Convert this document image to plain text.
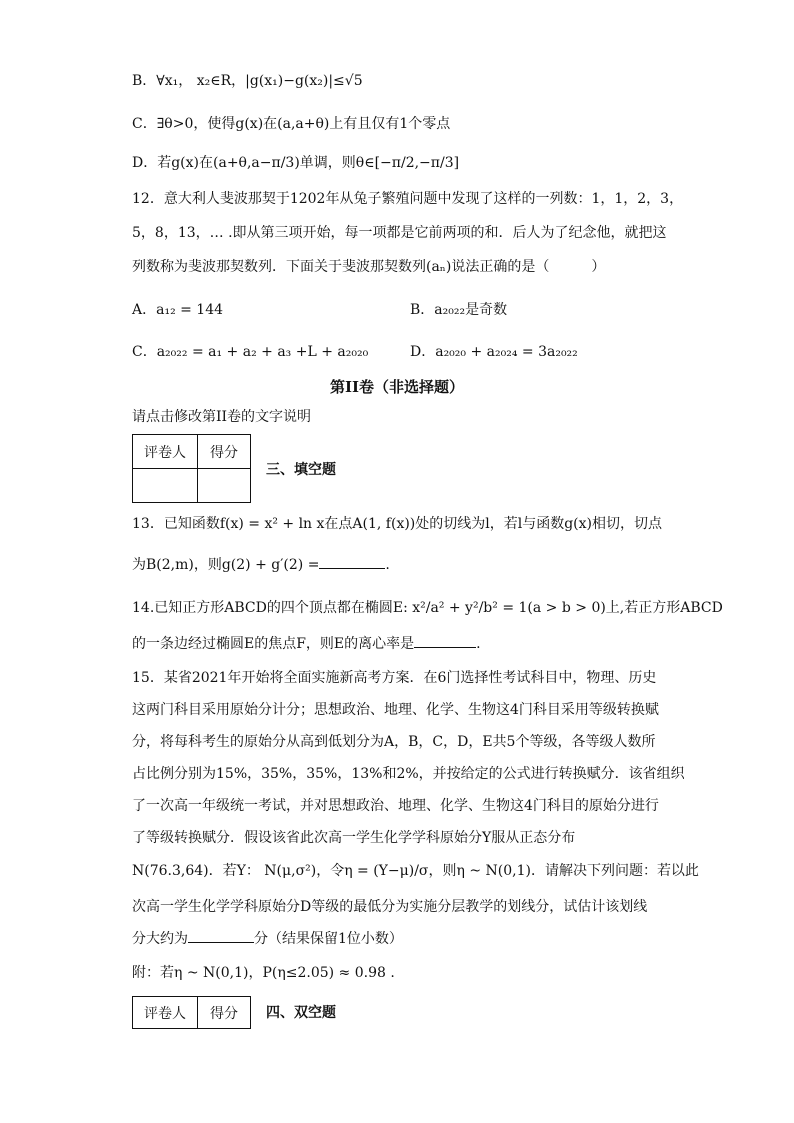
B．∀x₁， x₂∈R，|g(x₁)−g(x₂)|≤√5
C．∃θ>0，使得g(x)在(a,a+θ)上有且仅有1个零点
D．若g(x)在(a+θ,a−π/3)单调，则θ∈[−π/2,−π/3]
12．意大利人斐波那契于1202年从兔子繁殖问题中发现了这样的一列数：1，1，2，3，
5，8，13，… .即从第三项开始，每一项都是它前两项的和．后人为了纪念他，就把这
列数称为斐波那契数列．下面关于斐波那契数列(aₙ)说法正确的是（　　　）
A．a₁₂ = 144	B．a₂₀₂₂是奇数
C．a₂₀₂₂ = a₁ + a₂ + a₃ +L + a₂₀₂₀	D．a₂₀₂₀ + a₂₀₂₄ = 3a₂₀₂₂
第II卷（非选择题）
请点击修改第II卷的文字说明
评卷人	得分

三、填空题
13．已知函数f(x) = x² + ln x在点A(1, f(x))处的切线为l，若l与函数g(x)相切，切点
为B(2,m)，则g(2) + g′(2) =	.
14.已知正方形ABCD的四个顶点都在椭圆E: x²/a² + y²/b² = 1(a > b > 0)上,若正方形ABCD
的一条边经过椭圆E的焦点F，则E的离心率是	.
15．某省2021年开始将全面实施新高考方案．在6门选择性考试科目中，物理、历史
这两门科目采用原始分计分；思想政治、地理、化学、生物这4门科目采用等级转换赋
分，将每科考生的原始分从高到低划分为A，B，C，D，E共5个等级，各等级人数所
占比例分别为15%，35%，35%，13%和2%，并按给定的公式进行转换赋分．该省组织
了一次高一年级统一考试，并对思想政治、地理、化学、生物这4门科目的原始分进行
了等级转换赋分．假设该省此次高一学生化学学科原始分Y服从正态分布
N(76.3,64)．若Y： N(μ,σ²)，令η = (Y−μ)/σ，则η ~ N(0,1)．请解决下列问题：若以此
次高一学生化学学科原始分D等级的最低分为实施分层教学的划线分，试估计该划线
分大约为	分（结果保留1位小数）
附：若η ~ N(0,1)，P(η≤2.05) ≈ 0.98 .
评卷人	得分 四、双空题
